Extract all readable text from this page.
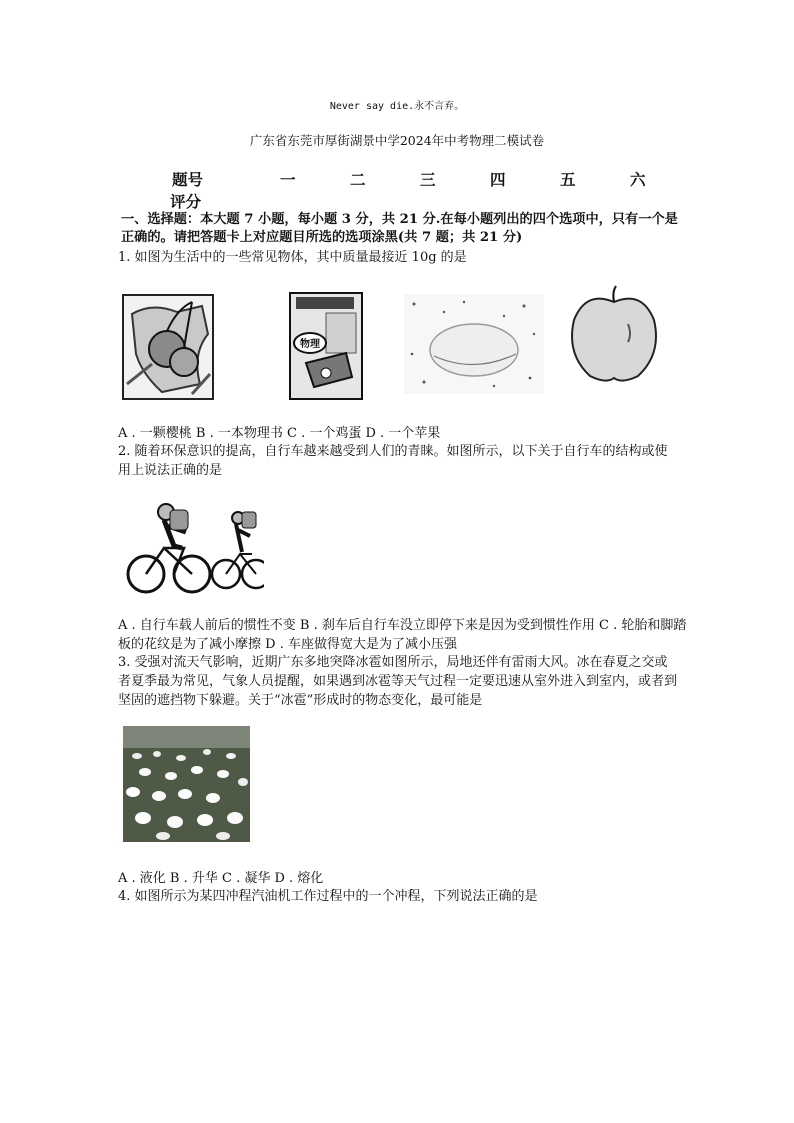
Never say die.永不言弃。
广东省东莞市厚街湖景中学2024年中考物理二模试卷
题号	一	二	三	四	五	六
评分
一、选择题：本大题 7 小题，每小题 3 分，共 21 分.在每小题列出的四个选项中，只有一个是正确的。请把答题卡上对应题目所选的选项涂黑(共 7 题；共 21 分)
1. 如图为生活中的一些常见物体，其中质量最接近 10g 的是
物理
A . 一颗樱桃 B . 一本物理书 C . 一个鸡蛋 D . 一个苹果
2. 随着环保意识的提高，自行车越来越受到人们的青睐。如图所示，以下关于自行车的结构或使用上说法正确的是
A . 自行车载人前后的惯性不变 B . 刹车后自行车没立即停下来是因为受到惯性作用 C . 轮胎和脚踏板的花纹是为了减小摩擦 D . 车座做得宽大是为了减小压强
3. 受强对流天气影响，近期广东多地突降冰雹如图所示，局地还伴有雷雨大风。冰在春夏之交或者夏季最为常见，气象人员提醒，如果遇到冰雹等天气过程一定要迅速从室外进入到室内，或者到坚固的遮挡物下躲避。关于“冰雹”形成时的物态变化，最可能是
A . 液化 B . 升华 C . 凝华 D . 熔化
4. 如图所示为某四冲程汽油机工作过程中的一个冲程，下列说法正确的是
